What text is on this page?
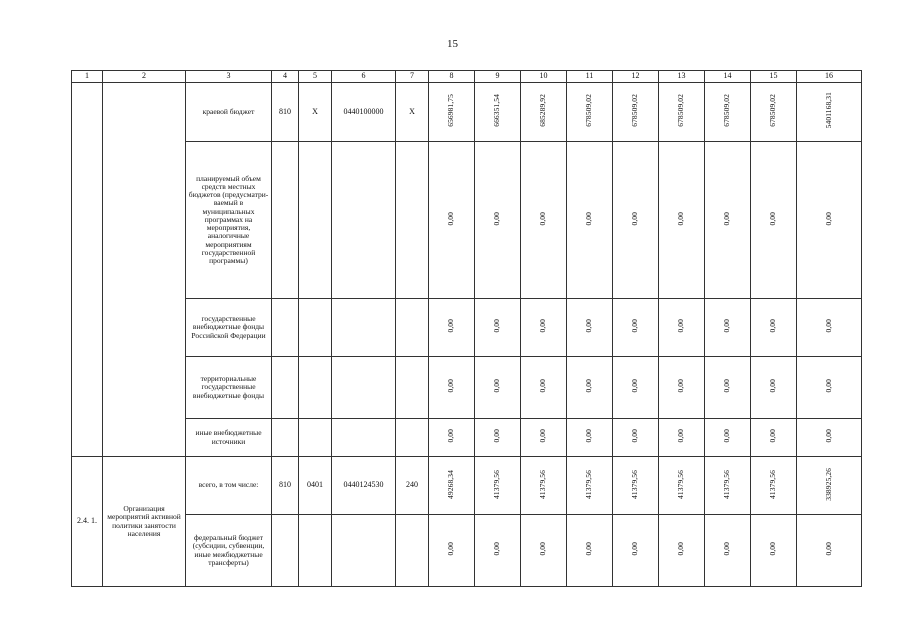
15
1	2	3	4	5	6	7	8	9	10	11	12	13	14	15	16
		краевой бюджет	810	Х	0440100000	Х	656981,75	666351,54	685289,92	678509,02	678509,02	678509,02	678509,02	678509,02	5401168,31
		планируемый объем средств местных бюджетов (предусматри-ваемый в муниципальных программах на мероприятия, аналогичные мероприятиям государственной программы)					0,00	0,00	0,00	0,00	0,00	0,00	0,00	0,00	0,00
		государственные внебюджетные фонды Российской Федерации					0,00	0,00	0,00	0,00	0,00	0,00	0,00	0,00	0,00
		территориальные государственные внебюджетные фонды					0,00	0,00	0,00	0,00	0,00	0,00	0,00	0,00	0,00
		иные внебюджетные источники					0,00	0,00	0,00	0,00	0,00	0,00	0,00	0,00	0,00
2.4. 1.	Организация мероприятий активной политики занятости населения	всего, в том числе:	810	0401	0440124530	240	49268,34	41379,56	41379,56	41379,56	41379,56	41379,56	41379,56	41379,56	338925,26
		федеральный бюджет (субсидии, субвенции, иные межбюджетные трансферты)					0,00	0,00	0,00	0,00	0,00	0,00	0,00	0,00	0,00
